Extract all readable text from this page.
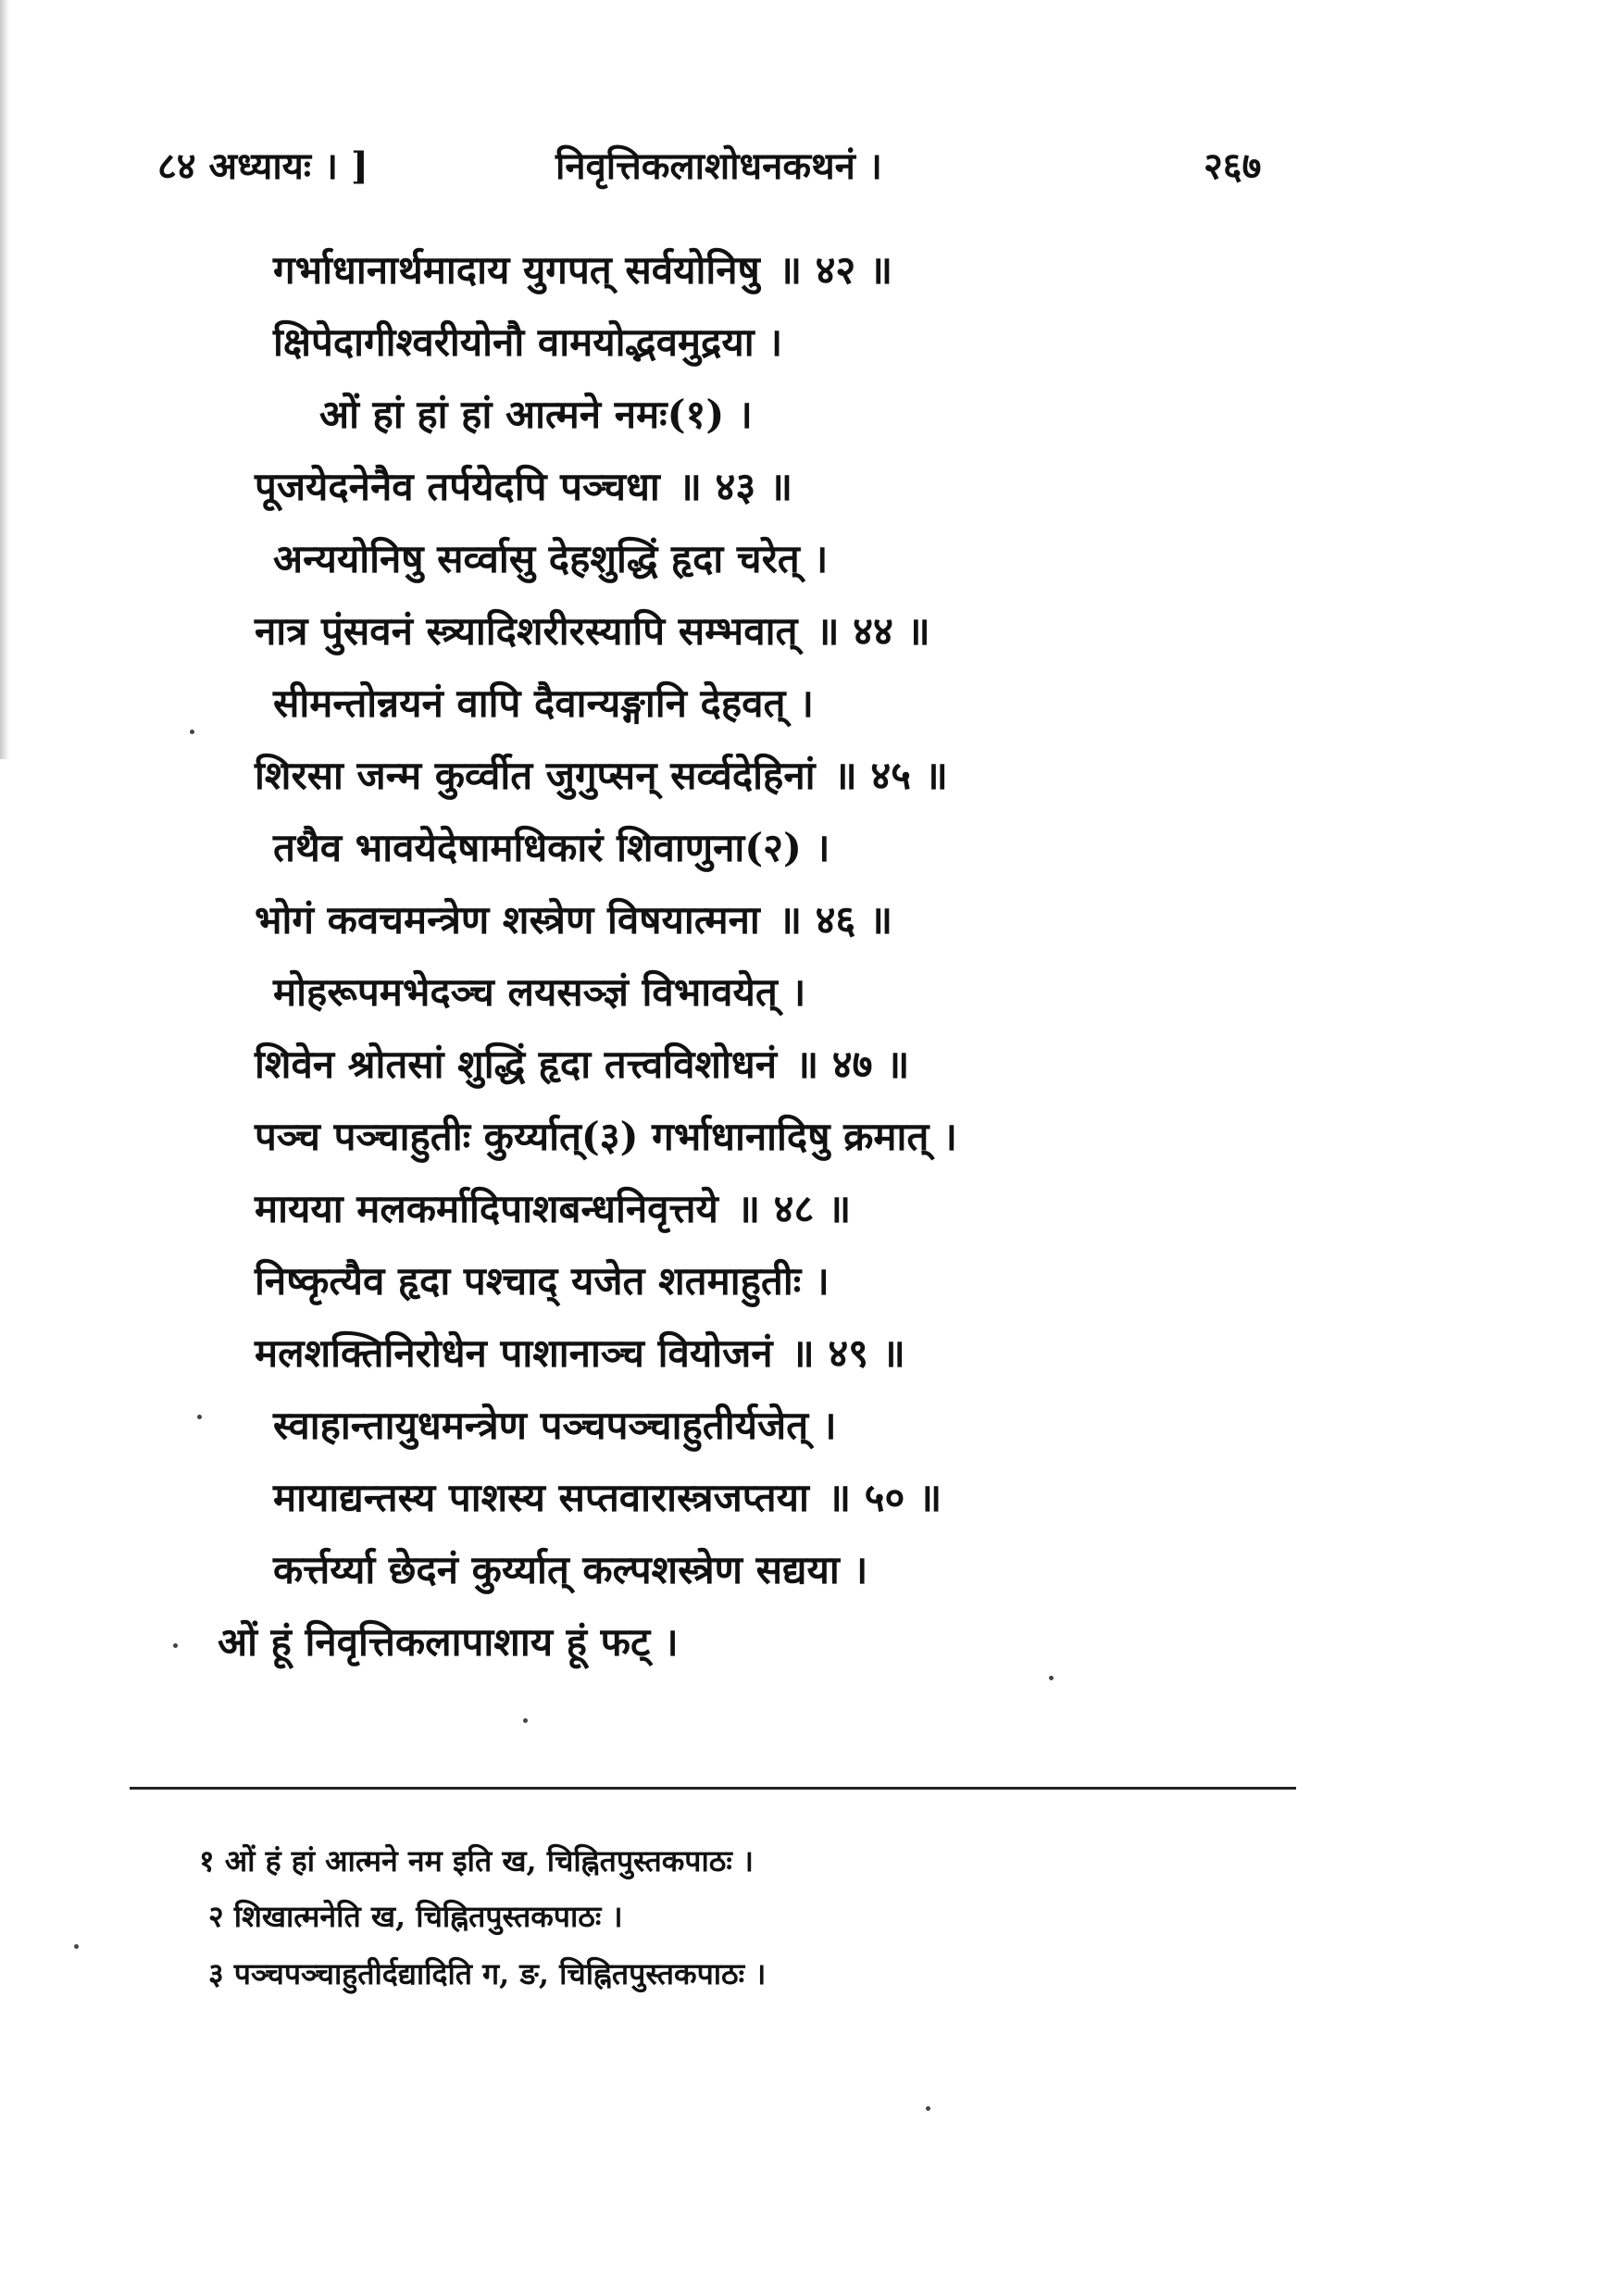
८४ अध्यायः । ]	निवृत्तिकलाशोधनकथनं ।	२६७
गर्भाधानार्थमादाय युगपत् सर्वयोनिषु ॥ ४२ ॥
क्षिपेदागीश्वरीयोनौ वामयोद्भवमुद्रया ।
ओं हां हां हां आत्मने नमः(१) ।
पूजयेदनेनैव तर्पयेदपि पञ्चधा ॥ ४३ ॥
अन्ययोनिषु सर्व्वासु देहशुद्धिं हृदा चरेत् ।
नात्र पुंसवनं स्त्र्यादिशरीरस्यापि सम्भवात् ॥ ४४ ॥
सीमन्तोन्नयनं वापि दैवान्यङ्गानि देहवत् ।
शिरसा जन्म कुर्व्वीत जुगुप्सन् सर्व्वदेहिनां ॥ ४५ ॥
तथैव भावयेदेषामधिकारं शिवाणुना(२) ।
भोगं कवचमन्त्रेण शस्त्रेण विषयात्मना ॥ ४६ ॥
मोहरूपमभेदञ्च लयसञ्ज्ञं विभावयेत् ।
शिवेन श्रोतसां शुद्धिं हृदा तत्त्वविशोधनं ॥ ४७ ॥
पञ्च पञ्चाहुतीः कुर्य्यात्(३) गर्भाधानादिषु क्रमात् ।
मायया मलकर्मादिपाशबन्धनिवृत्तये ॥ ४८ ॥
निष्कृत्यैव हृदा पश्चाद् यजेत शतमाहुतीः ।
मलशक्तिनिरोधेन पाशानाञ्च वियोजनं ॥ ४९ ॥
स्वाहान्तायुधमन्त्रेण पञ्चपञ्चाहुतीर्यजेत् ।
मायाद्यन्तस्य पाशस्य सप्तवारास्त्रजप्तया ॥ ५० ॥
कर्त्तर्य्या छेदनं कुर्य्यात् कल्पशस्त्रेण सद्यया ।
ओं हूं निवृत्तिकलापाशाय हूं फट् ।
१ ओं हं हां आत्मने नम इति ख, चिह्नितपुस्तकपाठः ।
२ शिखात्मनेति ख, चिह्नितपुस्तकपाठः ।
३ पञ्चपञ्चाहुतीर्दद्यादिति ग, ङ, चिह्नितपुस्तकपाठः ।
